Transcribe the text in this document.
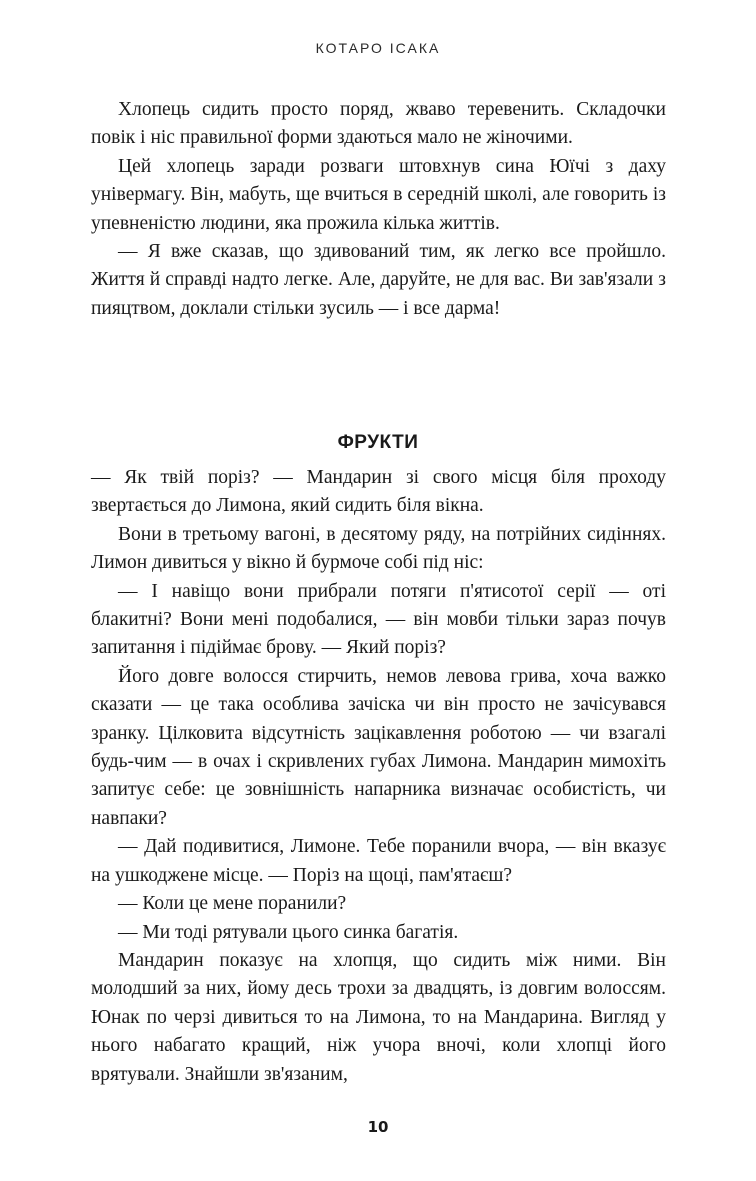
КОТАРО ІСАКА

Хлопець сидить просто поряд, жваво теревенить. Складочки повік і ніс правильної форми здаються мало не жіночими.

Цей хлопець заради розваги штовхнув сина Юїчі з даху універмагу. Він, мабуть, ще вчиться в середній школі, але говорить із упевненістю людини, яка прожила кілька життів.

— Я вже сказав, що здивований тим, як легко все пройшло. Життя й справді надто легке. Але, даруйте, не для вас. Ви зав'язали з пияцтвом, доклали стільки зусиль — і все дарма!

ФРУКТИ

— Як твій поріз? — Мандарин зі свого місця біля проходу звертається до Лимона, який сидить біля вікна.

Вони в третьому вагоні, в десятому ряду, на потрійних сидіннях. Лимон дивиться у вікно й бурмоче собі під ніс:

— І навіщо вони прибрали потяги п'ятисотої серії — оті блакитні? Вони мені подобалися, — він мовби тільки зараз почув запитання і підіймає брову. — Який поріз?

Його довге волосся стирчить, немов левова грива, хоча важко сказати — це така особлива зачіска чи він просто не зачісувався зранку. Цілковита відсутність зацікавлення роботою — чи взагалі будь-чим — в очах і скривлених губах Лимона. Мандарин мимохіть запитує себе: це зовнішність напарника визначає особистість, чи навпаки?

— Дай подивитися, Лимоне. Тебе поранили вчора, — він вказує на ушкоджене місце. — Поріз на щоці, пам'ятаєш?

— Коли це мене поранили?

— Ми тоді рятували цього синка багатія.

Мандарин показує на хлопця, що сидить між ними. Він молодший за них, йому десь трохи за двадцять, із довгим волоссям. Юнак по черзі дивиться то на Лимона, то на Мандарина. Вигляд у нього набагато кращий, ніж учора вночі, коли хлопці його врятували. Знайшли зв'язаним,

10
